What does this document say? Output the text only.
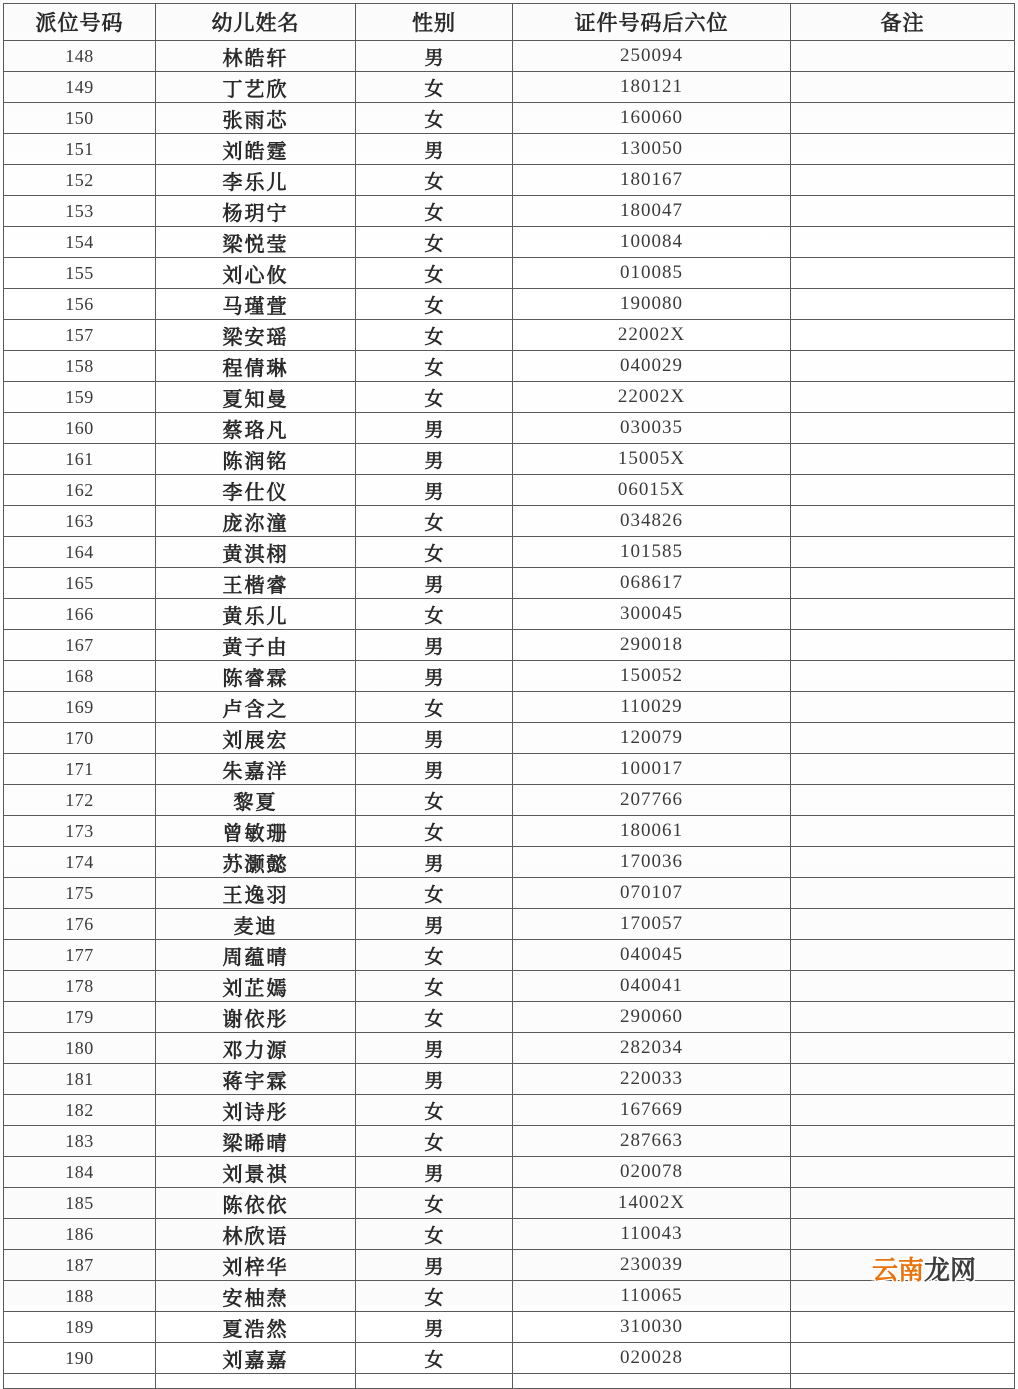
派位号码	幼儿姓名	性别	证件号码后六位	备注
148	林皓轩	男	250094	
149	丁艺欣	女	180121	
150	张雨芯	女	160060	
151	刘皓霆	男	130050	
152	李乐儿	女	180167	
153	杨玥宁	女	180047	
154	梁悦莹	女	100084	
155	刘心攸	女	010085	
156	马瑾萱	女	190080	
157	梁安瑶	女	22002X	
158	程倩琳	女	040029	
159	夏知曼	女	22002X	
160	蔡珞凡	男	030035	
161	陈润铭	男	15005X	
162	李仕仪	男	06015X	
163	庞沵潼	女	034826	
164	黄淇栩	女	101585	
165	王楷睿	男	068617	
166	黄乐儿	女	300045	
167	黄子由	男	290018	
168	陈睿霖	男	150052	
169	卢含之	女	110029	
170	刘展宏	男	120079	
171	朱嘉洋	男	100017	
172	黎夏	女	207766	
173	曾敏珊	女	180061	
174	苏灏懿	男	170036	
175	王逸羽	女	070107	
176	麦迪	男	170057	
177	周蕴晴	女	040045	
178	刘芷嫣	女	040041	
179	谢依彤	女	290060	
180	邓力源	男	282034	
181	蒋宇霖	男	220033	
182	刘诗彤	女	167669	
183	梁晞晴	女	287663	
184	刘景祺	男	020078	
185	陈依依	女	14002X	
186	林欣语	女	110043	
187	刘梓华	男	230039	
188	安柚焘	女	110065	
189	夏浩然	男	310030	
190	刘嘉嘉	女	020028	

云南龙网
